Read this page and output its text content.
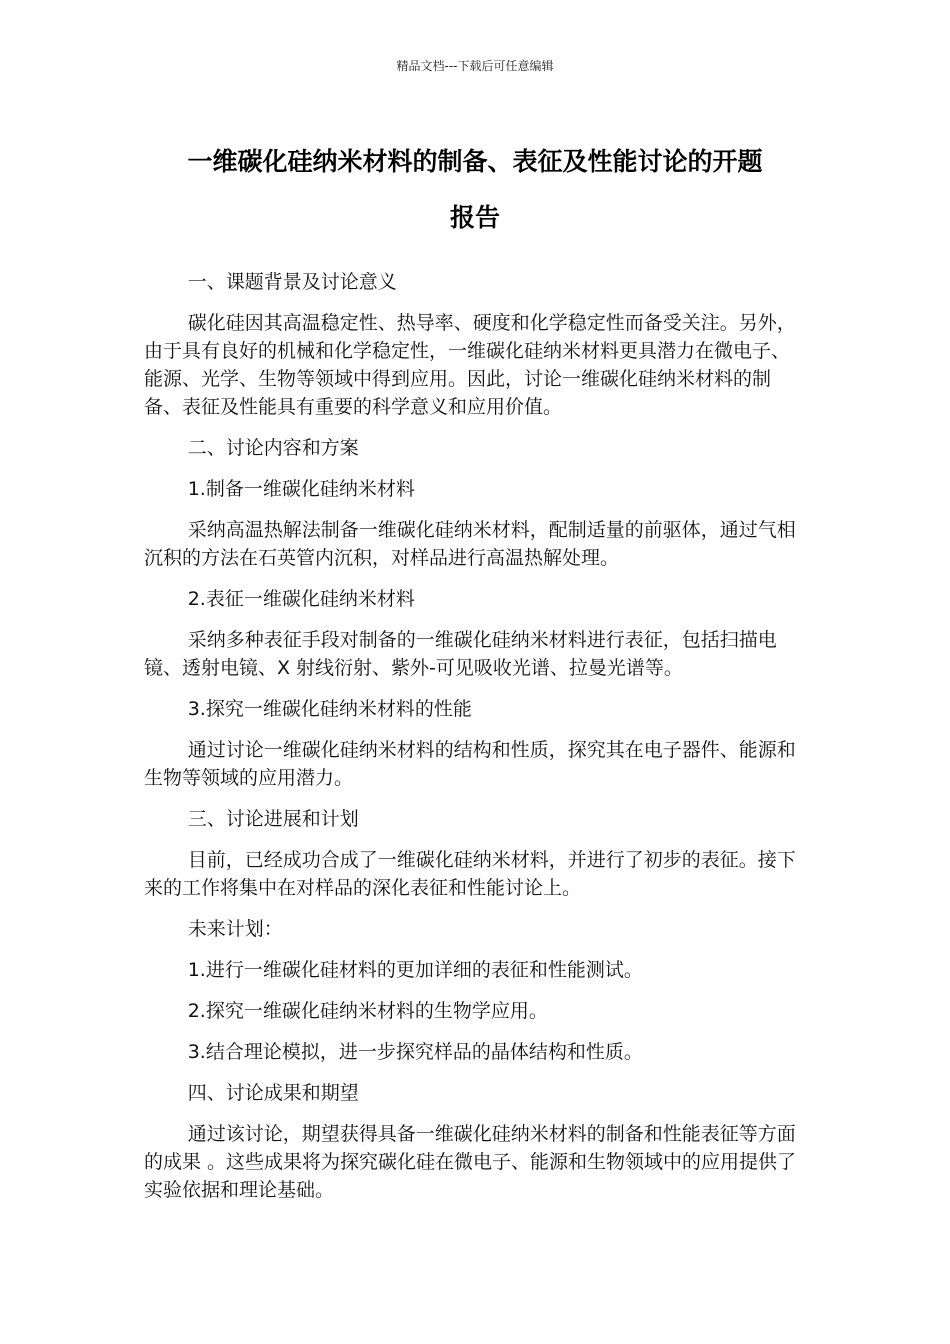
精品文档---下载后可任意编辑
一维碳化硅纳米材料的制备、表征及性能讨论的开题
报告

一、课题背景及讨论意义

碳化硅因其高温稳定性、热导率、硬度和化学稳定性而备受关注。另外，由于具有良好的机械和化学稳定性，一维碳化硅纳米材料更具潜力在微电子、能源、光学、生物等领域中得到应用。因此，讨论一维碳化硅纳米材料的制备、表征及性能具有重要的科学意义和应用价值。

二、讨论内容和方案

1.制备一维碳化硅纳米材料

采纳高温热解法制备一维碳化硅纳米材料，配制适量的前驱体，通过气相沉积的方法在石英管内沉积，对样品进行高温热解处理。

2.表征一维碳化硅纳米材料

采纳多种表征手段对制备的一维碳化硅纳米材料进行表征，包括扫描电镜、透射电镜、X 射线衍射、紫外-可见吸收光谱、拉曼光谱等。

3.探究一维碳化硅纳米材料的性能

通过讨论一维碳化硅纳米材料的结构和性质，探究其在电子器件、能源和生物等领域的应用潜力。

三、讨论进展和计划

目前，已经成功合成了一维碳化硅纳米材料，并进行了初步的表征。接下来的工作将集中在对样品的深化表征和性能讨论上。

未来计划：

1.进行一维碳化硅材料的更加详细的表征和性能测试。

2.探究一维碳化硅纳米材料的生物学应用。

3.结合理论模拟，进一步探究样品的晶体结构和性质。

四、讨论成果和期望

通过该讨论，期望获得具备一维碳化硅纳米材料的制备和性能表征等方面的成果 。这些成果将为探究碳化硅在微电子、能源和生物领域中的应用提供了实验依据和理论基础。
